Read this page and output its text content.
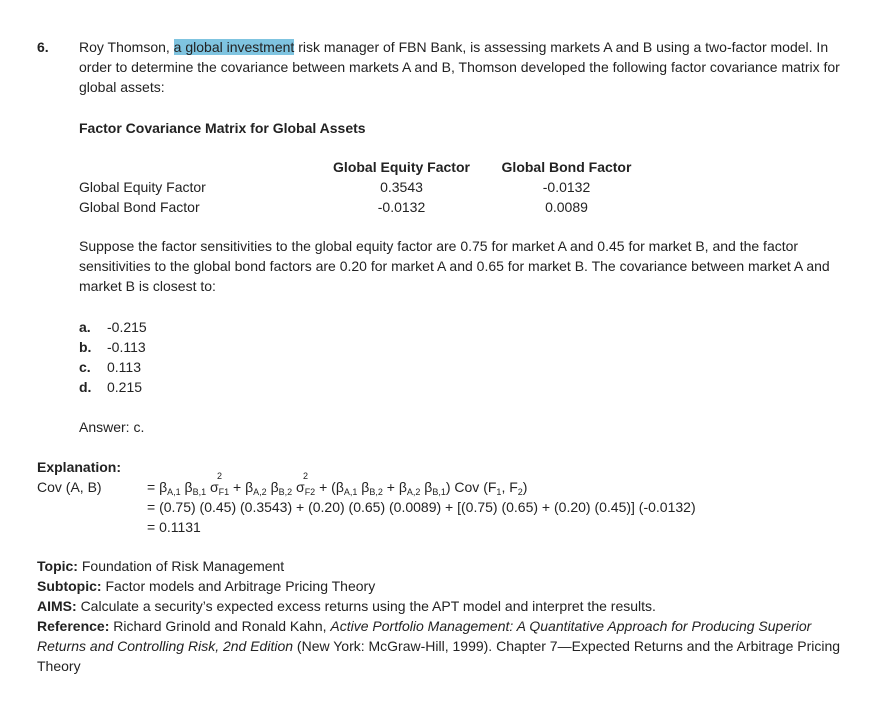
6. Roy Thomson, a global investment risk manager of FBN Bank, is assessing markets A and B using a two-factor model. In order to determine the covariance between markets A and B, Thomson developed the following factor covariance matrix for global assets:
Factor Covariance Matrix for Global Assets
	Global Equity Factor	Global Bond Factor
Global Equity Factor	0.3543	-0.0132
Global Bond Factor	-0.0132	0.0089
Suppose the factor sensitivities to the global equity factor are 0.75 for market A and 0.45 for market B, and the factor sensitivities to the global bond factors are 0.20 for market A and 0.65 for market B. The covariance between market A and market B is closest to:
a.	-0.215
b.	-0.113
c.	0.113
d.	0.215
Answer: c.
Explanation:
Cov (A, B)	= $\beta_{A,1}$ $\beta_{B,1}$ σ
2
$_{F1} + \beta_{A,2}$ $\beta_{B,2}$ σ
2
$_{F2} + (\beta_{A,1}$ $\beta_{B,2} + \beta_{A,2}$ $\beta_{B,1}$) Cov ($F_1$, $F_2$)
= (0.75) (0.45) (0.3543) + (0.20) (0.65) (0.0089) + [(0.75) (0.65) + (0.20) (0.45)] (-0.0132)
= 0.1131
Topic: Foundation of Risk Management
Subtopic: Factor models and Arbitrage Pricing Theory
AIMS: Calculate a security’s expected excess returns using the APT model and interpret the results.
Reference: Richard Grinold and Ronald Kahn, Active Portfolio Management: A Quantitative Approach for Producing Superior Returns and Controlling Risk, 2nd Edition (New York: McGraw-Hill, 1999). Chapter 7—Expected Returns and the Arbitrage Pricing Theory
